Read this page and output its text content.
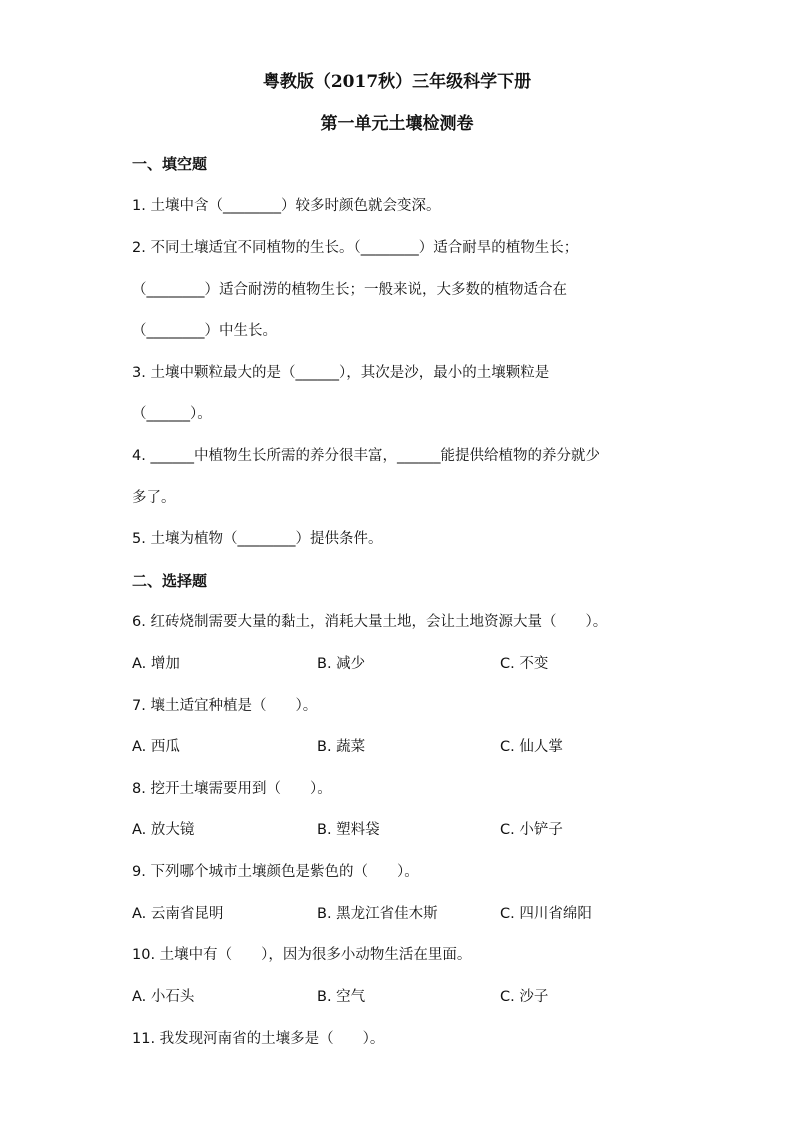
粤教版（2017秋）三年级科学下册
第一单元土壤检测卷
一、填空题
1. 土壤中含（________）较多时颜色就会变深。
2. 不同土壤适宜不同植物的生长。（________）适合耐旱的植物生长；
（________）适合耐涝的植物生长；一般来说，大多数的植物适合在
（________）中生长。
3. 土壤中颗粒最大的是（______），其次是沙，最小的土壤颗粒是
（______）。
4. ______中植物生长所需的养分很丰富，______能提供给植物的养分就少
多了。
5. 土壤为植物（________）提供条件。
二、选择题
6. 红砖烧制需要大量的黏土，消耗大量土地，会让土地资源大量（　　）。
A. 增加	B. 减少	C. 不变
7. 壤土适宜种植是（　　）。
A. 西瓜	B. 蔬菜	C. 仙人掌
8. 挖开土壤需要用到（　　）。
A. 放大镜	B. 塑料袋	C. 小铲子
9. 下列哪个城市土壤颜色是紫色的（　　）。
A. 云南省昆明	B. 黑龙江省佳木斯	C. 四川省绵阳
10. 土壤中有（　　），因为很多小动物生活在里面。
A. 小石头	B. 空气	C. 沙子
11. 我发现河南省的土壤多是（　　）。
